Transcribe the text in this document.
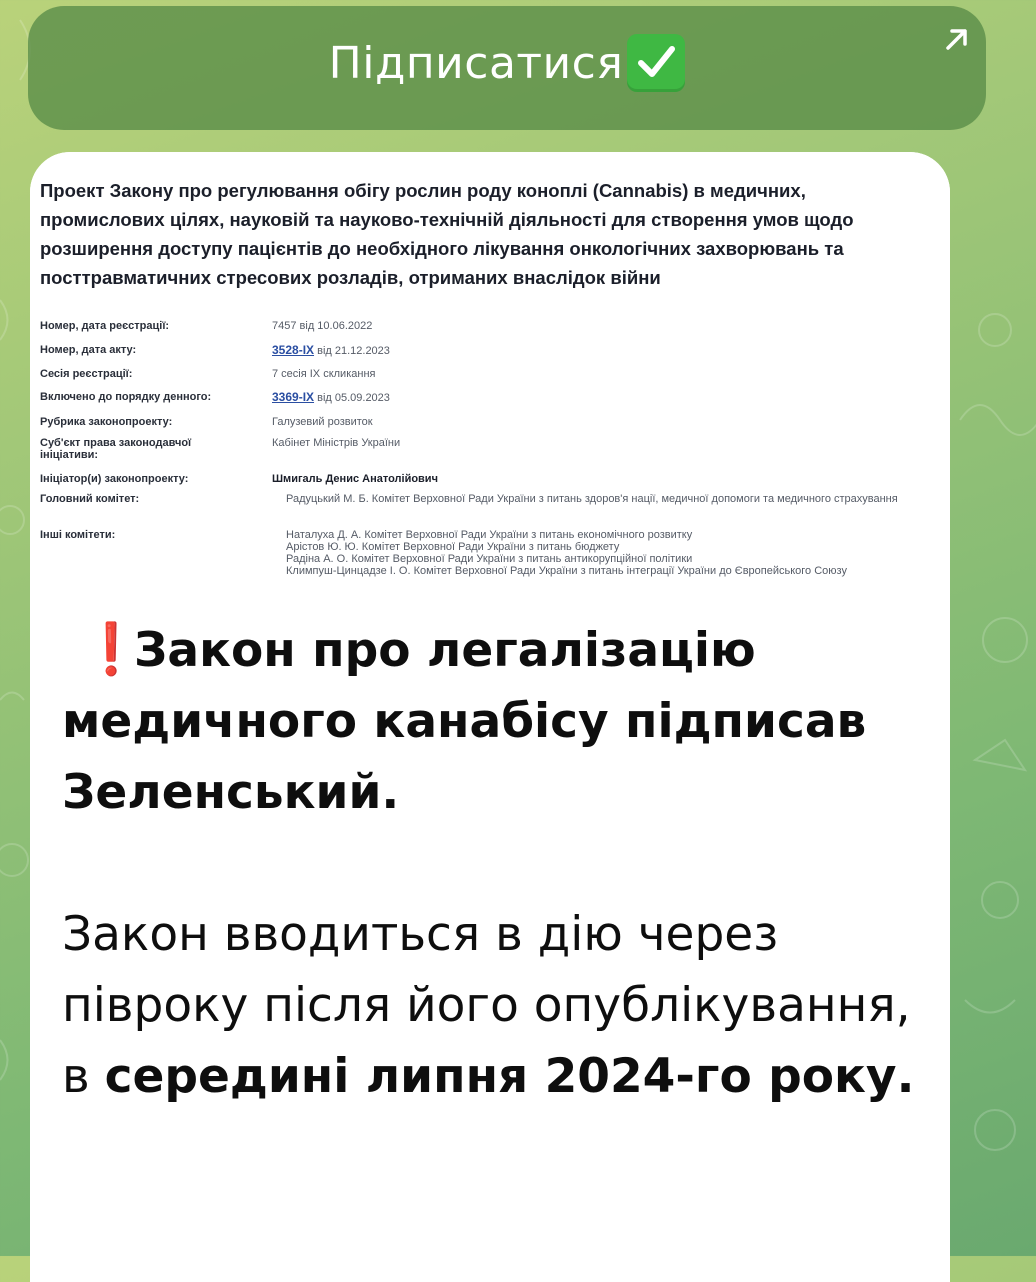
Підписатися

Проект Закону про регулювання обігу рослин роду коноплі (Cannabis) в медичних, промислових цілях, науковій та науково-технічній діяльності для створення умов щодо розширення доступу пацієнтів до необхідного лікування онкологічних захворювань та посттравматичних стресових розладів, отриманих внаслідок війни

Номер, дата реєстрації:	7457 від 10.06.2022
Номер, дата акту:	3528-IX від 21.12.2023
Сесія реєстрації:	7 сесія IX скликання
Включено до порядку денного:	3369-IX від 05.09.2023
Рубрика законопроекту:	Галузевий розвиток
Суб'єкт права законодавчої ініціативи:
Кабінет Міністрів України
Ініціатор(и) законопроекту:	Шмигаль Денис Анатолійович
Головний комітет:	Радуцький М. Б. Комітет Верховної Ради України з питань здоров'я нації, медичної допомоги та медичного страхування
Інші комітети:	Наталуха Д. А. Комітет Верховної Ради України з питань економічного розвитку
Арістов Ю. Ю. Комітет Верховної Ради України з питань бюджету
Радіна А. О. Комітет Верховної Ради України з питань антикорупційної політики
Климпуш-Цинцадзе І. О. Комітет Верховної Ради України з питань інтеграції України до Європейського Союзу

❗Закон про легалізацію медичного канабісу підписав Зеленський.

Закон вводиться в дію через півроку після його опублікування, в середині липня 2024-го року.
